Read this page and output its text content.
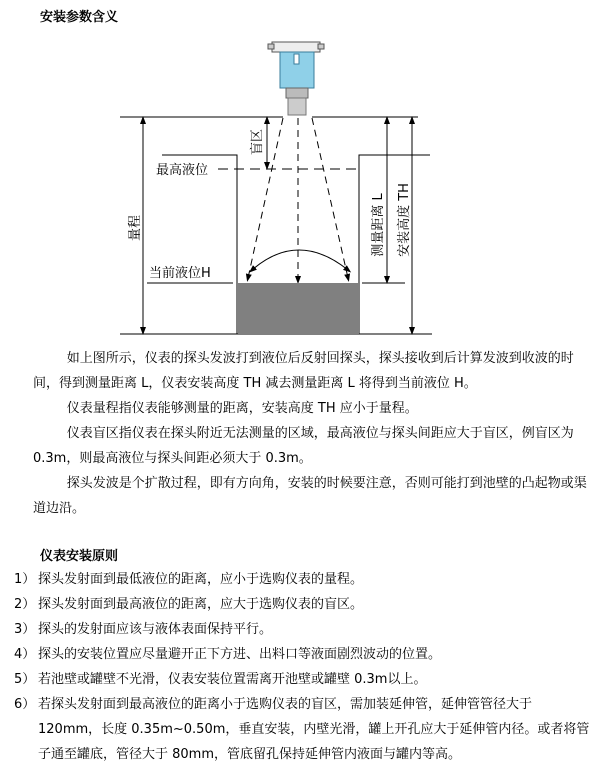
安装参数含义
最高液位
当前液位H
量程
盲区
测量距离 L 安装高度 TH

如上图所示，仪表的探头发波打到液位后反射回探头，探头接收到后计算发波到收波的时间，得到测量距离 L，仪表安装高度 TH 减去测量距离 L 将得到当前液位 H。

仪表量程指仪表能够测量的距离，安装高度 TH 应小于量程。

仪表盲区指仪表在探头附近无法测量的区域，最高液位与探头间距应大于盲区，例盲区为 0.3m，则最高液位与探头间距必须大于 0.3m。

探头发波是个扩散过程，即有方向角，安装的时候要注意，否则可能打到池壁的凸起物或渠道边沿。

仪表安装原则
1） 探头发射面到最低液位的距离，应小于选购仪表的量程。
2） 探头发射面到最高液位的距离，应大于选购仪表的盲区。
3） 探头的发射面应该与液体表面保持平行。
4） 探头的安装位置应尽量避开正下方进、出料口等液面剧烈波动的位置。
5） 若池壁或罐壁不光滑，仪表安装位置需离开池壁或罐壁 0.3m以上。
6） 若探头发射面到最高液位的距离小于选购仪表的盲区，需加装延伸管，延伸管管径大于 120mm，长度 0.35m~0.50m，垂直安装，内壁光滑，罐上开孔应大于延伸管内径。或者将管子通至罐底，管径大于 80mm，管底留孔保持延伸管内液面与罐内等高。
